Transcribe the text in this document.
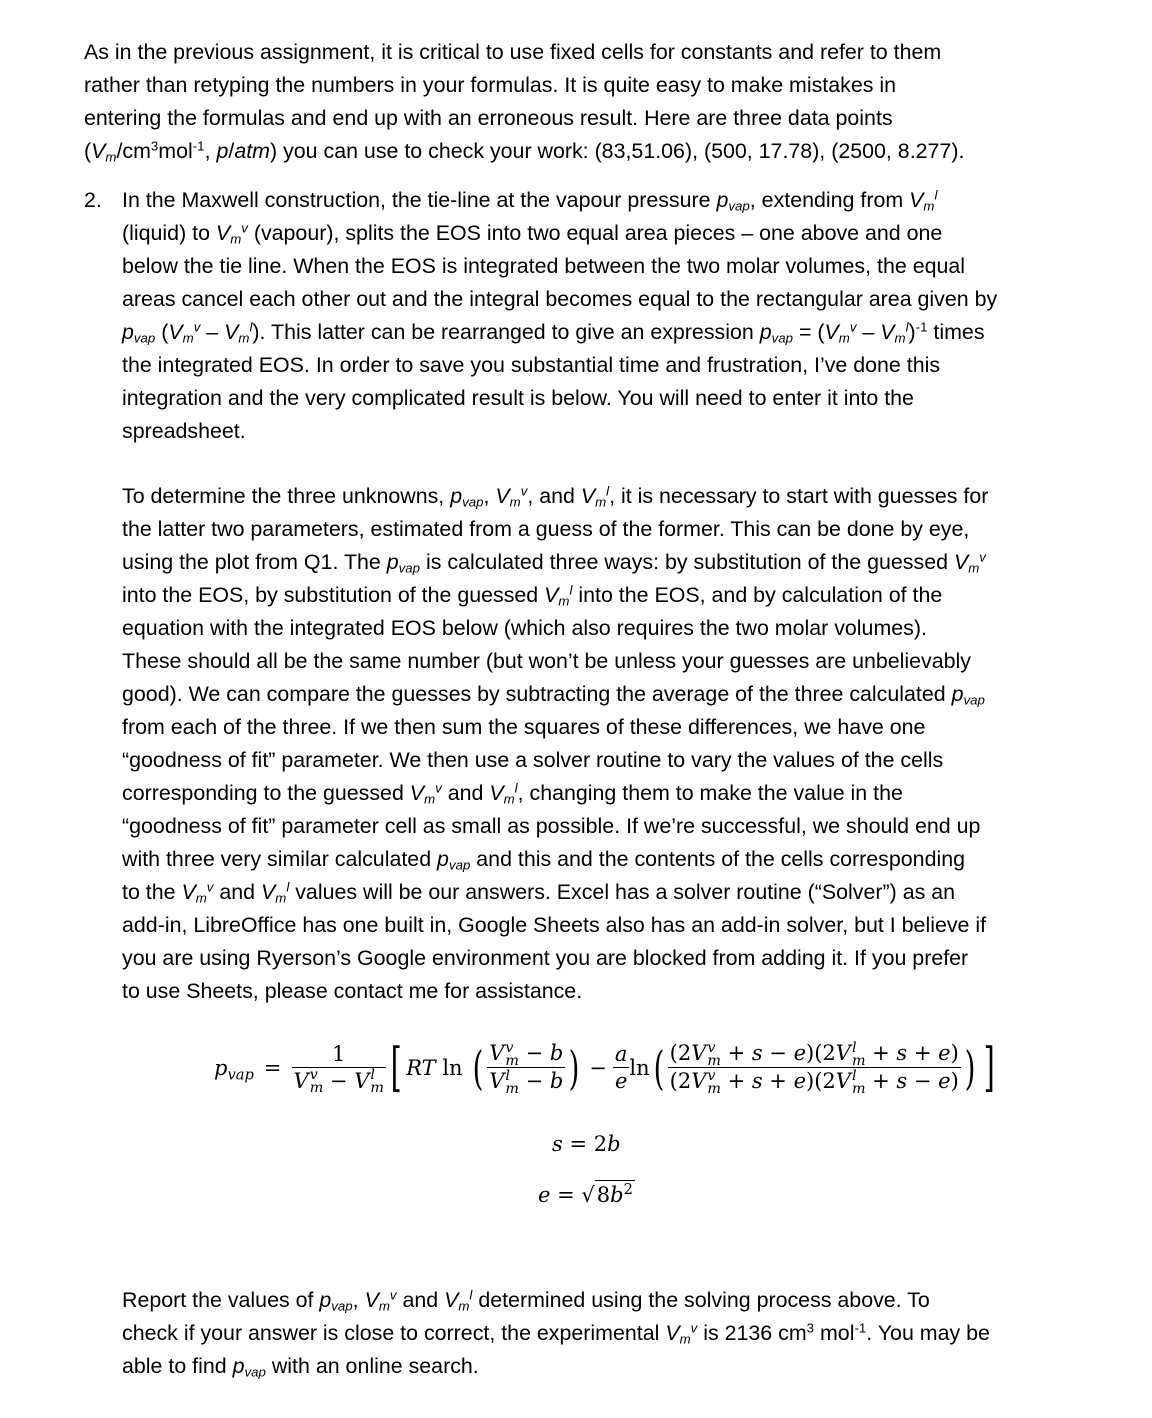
As in the previous assignment, it is critical to use fixed cells for constants and refer to them
rather than retyping the numbers in your formulas. It is quite easy to make mistakes in
entering the formulas and end up with an erroneous result. Here are three data points
($V_m/cm^3mol^{-1}$, p/atm) you can use to check your work: (83,51.06), (500, 17.78), (2500, 8.277).
2. In the Maxwell construction, the tie-line at the vapour pressure $p_{vap}$, extending from $V_m^l$
(liquid) to $V_m^v$ (vapour), splits the EOS into two equal area pieces – one above and one
below the tie line. When the EOS is integrated between the two molar volumes, the equal
areas cancel each other out and the integral becomes equal to the rectangular area given by
$p_{vap}$ $(V_m^v - V_m^l)$. This latter can be rearranged to give an expression $p_{vap} = (V_m^v - V_m^l)^{-1}$ times
the integrated EOS. In order to save you substantial time and frustration, I’ve done this
integration and the very complicated result is below. You will need to enter it into the
spreadsheet.
To determine the three unknowns, $p_{vap}$, $V_m^v$, and $V_m^l$, it is necessary to start with guesses for
the latter two parameters, estimated from a guess of the former. This can be done by eye,
using the plot from Q1. The $p_{vap}$ is calculated three ways: by substitution of the guessed $V_m^v$
into the EOS, by substitution of the guessed $V_m^l$ into the EOS, and by calculation of the
equation with the integrated EOS below (which also requires the two molar volumes).
These should all be the same number (but won’t be unless your guesses are unbelievably
good). We can compare the guesses by subtracting the average of the three calculated $p_{vap}$
from each of the three. If we then sum the squares of these differences, we have one
“goodness of fit” parameter. We then use a solver routine to vary the values of the cells
corresponding to the guessed $V_m^v$ and $V_m^l$, changing them to make the value in the
“goodness of fit” parameter cell as small as possible. If we’re successful, we should end up
with three very similar calculated $p_{vap}$ and this and the contents of the cells corresponding
to the $V_m^v$ and $V_m^l$ values will be our answers. Excel has a solver routine (“Solver”) as an
add-in, LibreOffice has one built in, Google Sheets also has an add-in solver, but I believe if
you are using Ryerson’s Google environment you are blocked from adding it. If you prefer
to use Sheets, please contact me for assistance.
$p_{vap} = 1$
V v
m − V l
m [ RT
ln
( V v
m − b
V l
m − b ) − $\frac{a}{e}$ ln ( (2V v
m + s − e)(2V l
m + s + e)
(2V v
m + s + e)(2V l
m + s − e) ) ]
s = 2b
$e = √8b^2$
Report the values of $p_{vap}$, $V_m^v$ and $V_m^l$ determined using the solving process above. To
check if your answer is close to correct, the experimental $V_m^v$ is 2136 $cm^3$ mol$^{-1}$. You may be
able to find $p_{vap}$ with an online search.
